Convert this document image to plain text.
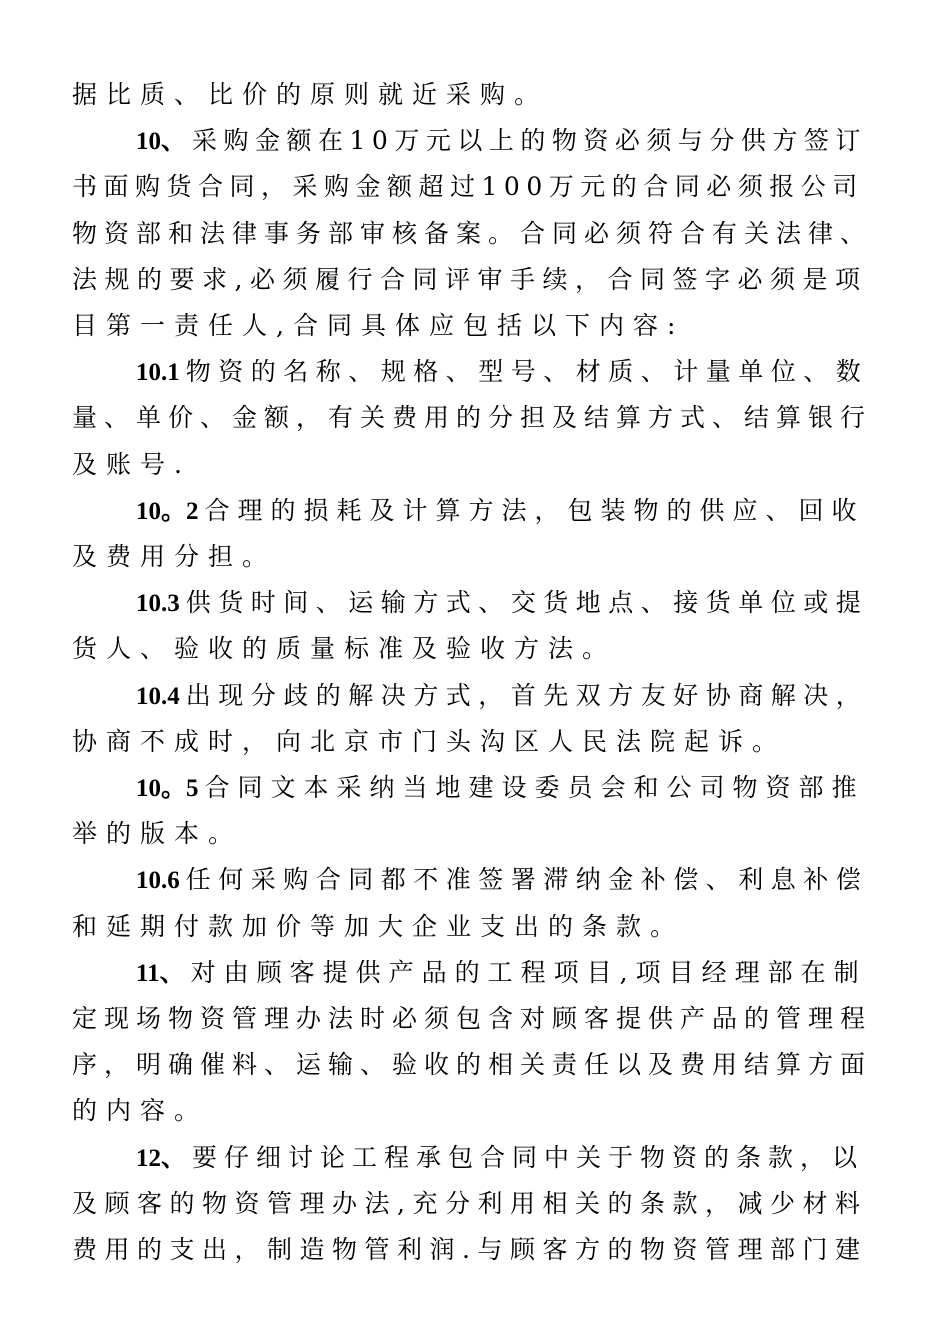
据比质、比价的原则就近采购。
10、 采购金额在10万元以上的物资必须与分供方签订
书面购货合同，采购金额超过100万元的合同必须报公司
物资部和法律事务部审核备案。合同必须符合有关法律、
法规的要求,必须履行合同评审手续，合同签字必须是项
目第一责任人,合同具体应包括以下内容:
10.1 物资的名称、规格、型号、材质、计量单位、数
量、单价、金额，有关费用的分担及结算方式、结算银行
及账号.
10。2 合理的损耗及计算方法，包装物的供应、回收
及费用分担。
10.3 供货时间、运输方式、交货地点、接货单位或提
货人、验收的质量标准及验收方法。
10.4 出现分歧的解决方式，首先双方友好协商解决，
协商不成时，向北京市门头沟区人民法院起诉。
10。5 合同文本采纳当地建设委员会和公司物资部推
举的版本。
10.6 任何采购合同都不准签署滞纳金补偿、利息补偿
和延期付款加价等加大企业支出的条款。
11、 对由顾客提供产品的工程项目,项目经理部在制
定现场物资管理办法时必须包含对顾客提供产品的管理程
序，明确催料、运输、验收的相关责任以及费用结算方面
的内容。
12、 要仔细讨论工程承包合同中关于物资的条款，以
及顾客的物资管理办法,充分利用相关的条款，减少材料
费用的支出，制造物管利润.与顾客方的物资管理部门建
